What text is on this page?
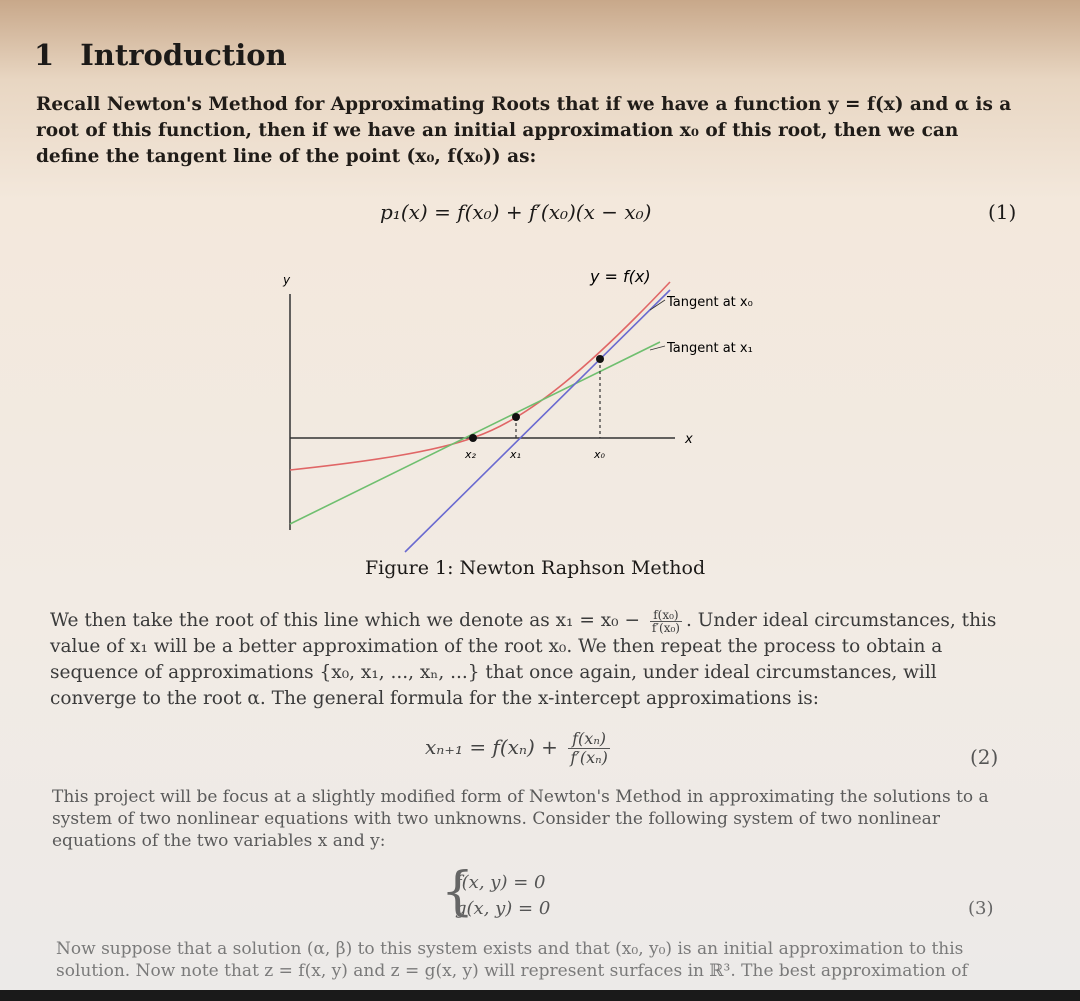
1 Introduction
Recall Newton's Method for Approximating Roots that if we have a function y = f(x) and α is a root of this function, then if we have an initial approximation x₀ of this root, then we can define the tangent line of the point (x₀, f(x₀)) as:
p₁(x) = f(x₀) + f′(x₀)(x − x₀)	(1)
y
x
y = f(x)
Tangent at x₀
Tangent at x₁
x₂	x₁	x₀
Figure 1: Newton Raphson Method
We then take the root of this line which we denote as $x_1 = x_0 - \frac{\text{f(x₀)}}{\text{f′(x₀)}}$ . Under ideal circumstances, this value of x₁ will be a better approximation of the root x₀. We then repeat the process to obtain a sequence of approximations {x₀, x₁, ..., xₙ, ...} that once again, under ideal circumstances, will converge to the root α. The general formula for the x-intercept approximations is:
$x_{n+1} = f(x_n) + \frac{\text{f(xₙ)}}{\text{f′(xₙ)}}$	(2)
This project will be focus at a slightly modified form of Newton's Method in approximating the solutions to a system of two nonlinear equations with two unknowns. Consider the following system of two nonlinear equations of the two variables x and y:
{
f(x, y) = 0
g(x, y) = 0	(3)
Now suppose that a solution (α, β) to this system exists and that (x₀, y₀) is an initial approximation to this solution. Now note that z = f(x, y) and z = g(x, y) will represent surfaces in ℝ³. The best approximation of
